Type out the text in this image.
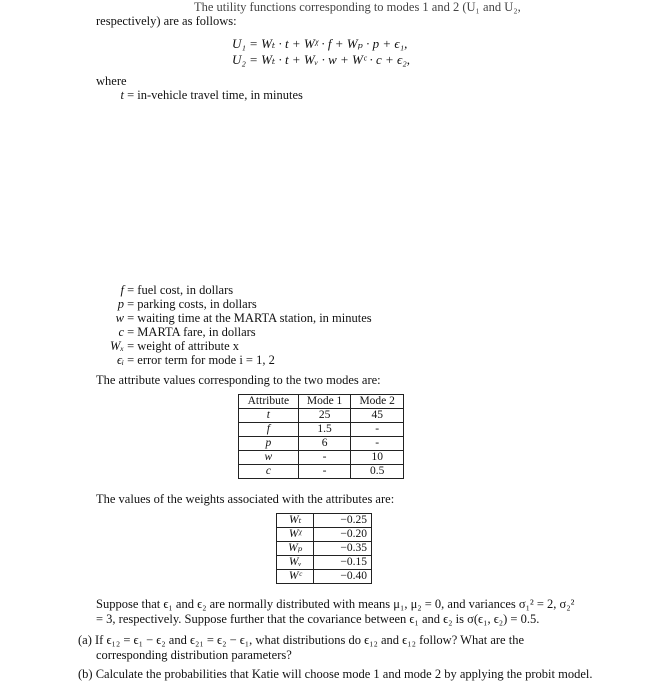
The utility functions corresponding to modes 1 and 2 (U₁ and U₂,
respectively) are as follows:
U₁ = Wₜ · t + Wᵡ · f + Wₚ · p + ϵ₁,
U₂ = Wₜ · t + Wᵥ · w + Wᶜ · c + ϵ₂,
where
t = in-vehicle travel time, in minutes
f = fuel cost, in dollars
p = parking costs, in dollars
w = waiting time at the MARTA station, in minutes
c = MARTA fare, in dollars
Wₓ = weight of attribute x
ϵᵢ = error term for mode i = 1, 2
The attribute values corresponding to the two modes are:
Attribute	Mode 1	Mode 2
t	25	45
f	1.5	-
p	6	-
w	-	10
c	-	0.5
The values of the weights associated with the attributes are:
Wₜ	−0.25
Wᵡ	−0.20
Wₚ	−0.35
Wᵥ	−0.15
Wᶜ	−0.40
Suppose that ϵ₁ and ϵ₂ are normally distributed with means μ₁, μ₂ = 0, and variances σ₁² = 2, σ₂²
= 3, respectively. Suppose further that the covariance between ϵ₁ and ϵ₂ is σ(ϵ₁, ϵ₂) = 0.5.
(a) If ϵ₁₂ = ϵ₁ − ϵ₂ and ϵ₂₁ = ϵ₂ − ϵ₁, what distributions do ϵ₁₂ and ϵ₁₂ follow? What are the
corresponding distribution parameters?
(b) Calculate the probabilities that Katie will choose mode 1 and mode 2 by applying the probit model.
